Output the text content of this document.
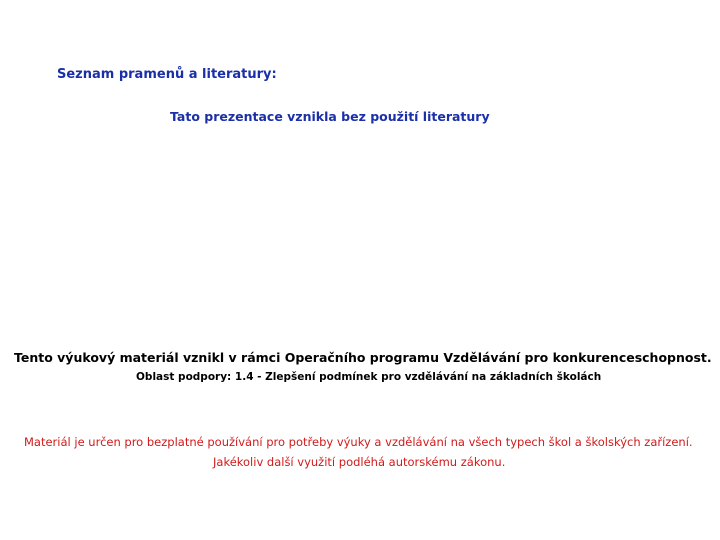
Seznam pramenů a literatury:

Tato prezentace vznikla bez použití literatury

Tento výukový materiál vznikl v rámci Operačního programu Vzdělávání pro konkurenceschopnost.

Oblast podpory: 1.4 - Zlepšení podmínek pro vzdělávání na základních školách

Materiál je určen pro bezplatné používání pro potřeby výuky a vzdělávání na všech typech škol a školských zařízení.

Jakékoliv další využití podléhá autorskému zákonu.
